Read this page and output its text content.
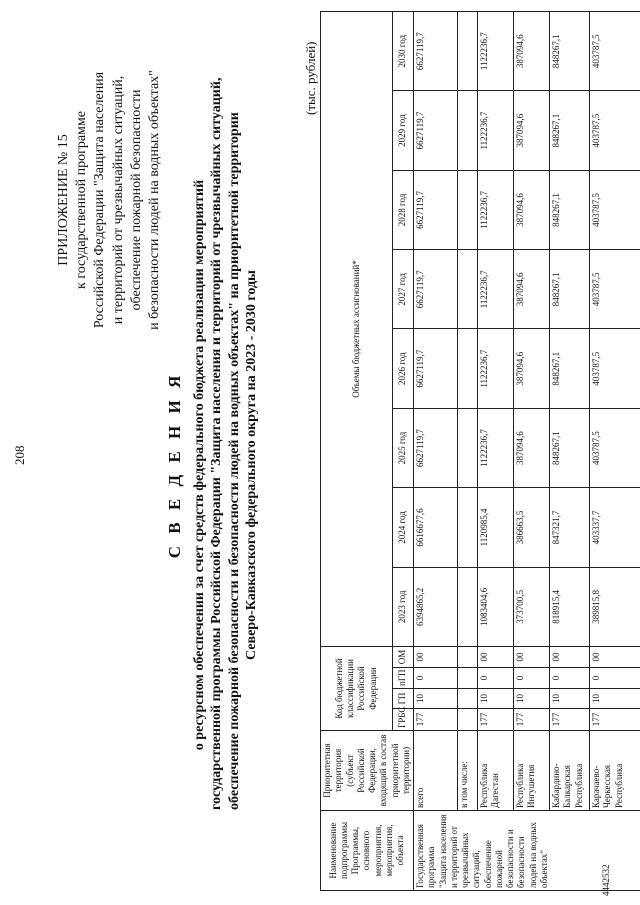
208
ПРИЛОЖЕНИЕ № 15 к государственной программе Российской Федерации "Защита населения и территорий от чрезвычайных ситуаций, обеспечение пожарной безопасности и безопасности людей на водных объектах"
С В Е Д Е Н И Я о ресурсном обеспечении за счет средств федерального бюджета реализации мероприятий государственной программы Российской Федерации "Защита населения и территорий от чрезвычайных ситуаций, обеспечение пожарной безопасности и безопасности людей на водных объектах" на приоритетной территории Северо-Кавказского федерального округа на 2023 - 2030 годы
(тыс. рублей)
Наименование подпрограммы Программы, основного мероприятия, мероприятия, объекта	Приоритетная территория (субъект Российской Федерации, входящий в состав приоритетной территории)	Код бюджетной классификации Российской Федерации				Объемы бюджетных ассигнований*							
		ГРБС	ГП	пГП	ОМ	2023 год	2024 год	2025 год	2026 год	2027 год	2028 год	2029 год	2030 год
Государственная программа "Защита населения и территорий от чрезвычайных ситуаций, обеспечение пожарной безопасности и безопасности людей на водных объектах"	всего	177	10	0	00	6394865,2	6616677,6	6627119,7	6627119,7	6627119,7	6627119,7	6627119,7	6627119,7
	в том числе:												
	Республика Дагестан	177	10	0	00	1083404,6	1120985,4	1122236,7	1122236,7	1122236,7	1122236,7	1122236,7	1122236,7
	Республика Ингушетия	177	10	0	00	373700,5	386663,5	387094,6	387094,6	387094,6	387094,6	387094,6	387094,6
	Кабардино-Балкарская Республика	177	10	0	00	818915,4	847321,7	848267,1	848267,1	848267,1	848267,1	848267,1	848267,1
	Карачаево-Черкесская Республика	177	10	0	00	389815,8	403337,7	403787,5	403787,5	403787,5	403787,5	403787,5	403787,5
4442532
